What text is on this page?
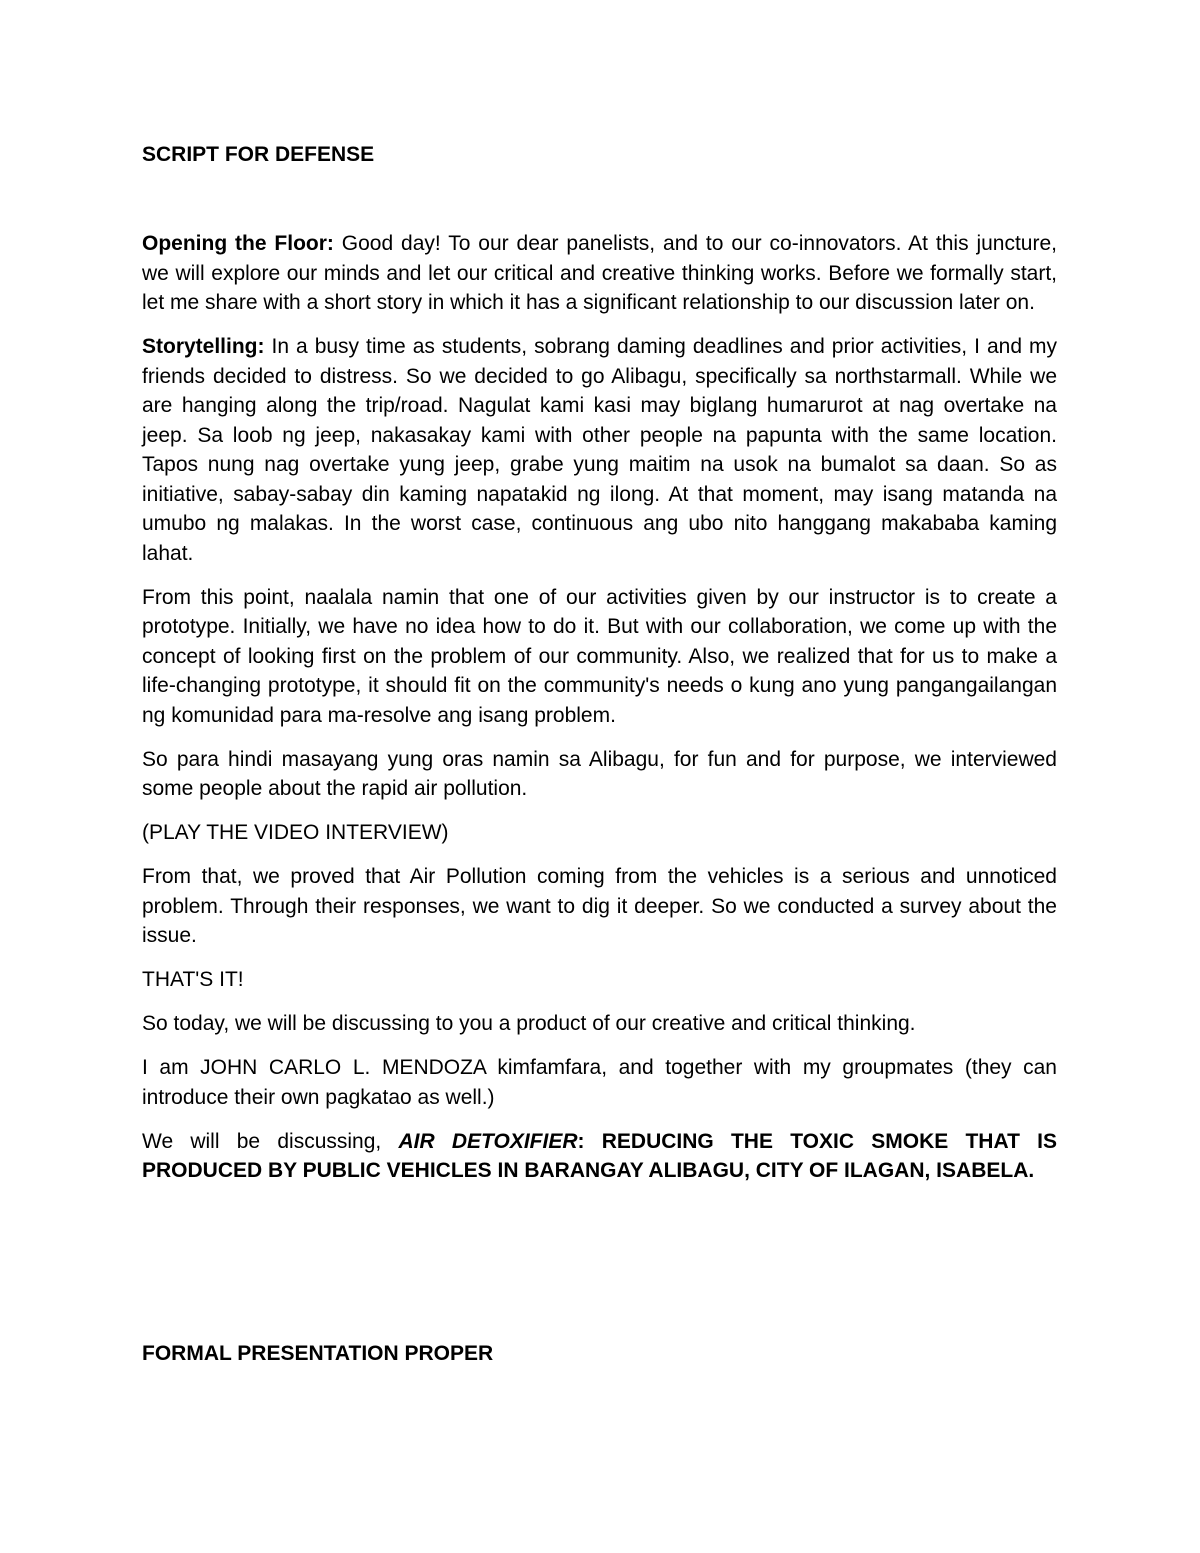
SCRIPT FOR DEFENSE

Opening the Floor: Good day! To our dear panelists, and to our co-innovators. At this juncture, we will explore our minds and let our critical and creative thinking works. Before we formally start, let me share with a short story in which it has a significant relationship to our discussion later on.

Storytelling: In a busy time as students, sobrang daming deadlines and prior activities, I and my friends decided to distress. So we decided to go Alibagu, specifically sa northstarmall. While we are hanging along the trip/road. Nagulat kami kasi may biglang humarurot at nag overtake na jeep. Sa loob ng jeep, nakasakay kami with other people na papunta with the same location. Tapos nung nag overtake yung jeep, grabe yung maitim na usok na bumalot sa daan. So as initiative, sabay-sabay din kaming napatakid ng ilong. At that moment, may isang matanda na umubo ng malakas. In the worst case, continuous ang ubo nito hanggang makababa kaming lahat.

From this point, naalala namin that one of our activities given by our instructor is to create a prototype. Initially, we have no idea how to do it. But with our collaboration, we come up with the concept of looking first on the problem of our community. Also, we realized that for us to make a life-changing prototype, it should fit on the community's needs o kung ano yung pangangailangan ng komunidad para ma-resolve ang isang problem.

So para hindi masayang yung oras namin sa Alibagu, for fun and for purpose, we interviewed some people about the rapid air pollution.

(PLAY THE VIDEO INTERVIEW)

From that, we proved that Air Pollution coming from the vehicles is a serious and unnoticed problem. Through their responses, we want to dig it deeper. So we conducted a survey about the issue.

THAT'S IT!

So today, we will be discussing to you a product of our creative and critical thinking.

I am JOHN CARLO L. MENDOZA kimfamfara, and together with my groupmates (they can introduce their own pagkatao as well.)

We will be discussing, AIR DETOXIFIER: REDUCING THE TOXIC SMOKE THAT IS PRODUCED BY PUBLIC VEHICLES IN BARANGAY ALIBAGU, CITY OF ILAGAN, ISABELA.

FORMAL PRESENTATION PROPER
